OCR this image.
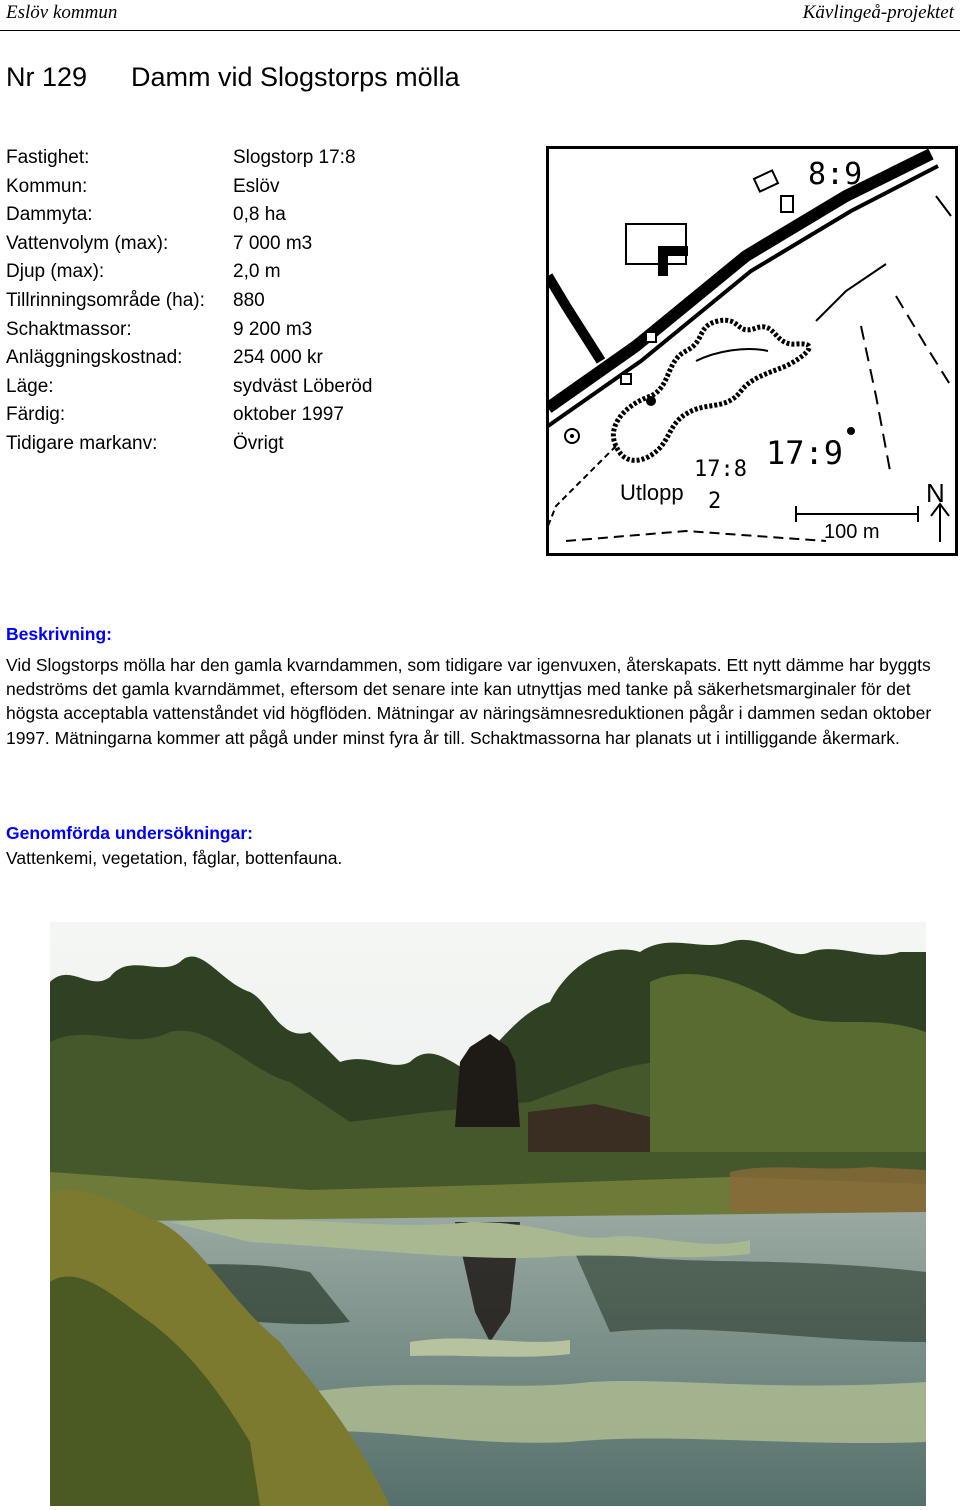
Eslöv kommun	Kävlingeå-projektet
Nr 129 Damm vid Slogstorps mölla
Fastighet:	Slogstorp 17:8
Kommun:	Eslöv
Dammyta:	0,8 ha
Vattenvolym (max):	7 000 m3
Djup (max):	2,0 m
Tillrinningsområde (ha): 880
Schaktmassor:	9 200 m3
Anläggningskostnad:	254 000 kr
Läge:	sydväst Löberöd
Färdig:	oktober 1997
Tidigare markanv:	Övrigt
8:9
17:9
17:8
2
Utlopp
100 m
N
Beskrivning:
Vid Slogstorps mölla har den gamla kvarndammen, som tidigare var igenvuxen, återskapats. Ett nytt dämme har byggts nedströms det gamla kvarndämmet, eftersom det senare inte kan utnyttjas med tanke på säkerhetsmarginaler för det högsta acceptabla vattenståndet vid högflöden. Mätningar av näringsämnesreduktionen pågår i dammen sedan oktober 1997. Mätningarna kommer att pågå under minst fyra år till. Schaktmassorna har planats ut i intilliggande åkermark.
Genomförda undersökningar:
Vattenkemi, vegetation, fåglar, bottenfauna.
